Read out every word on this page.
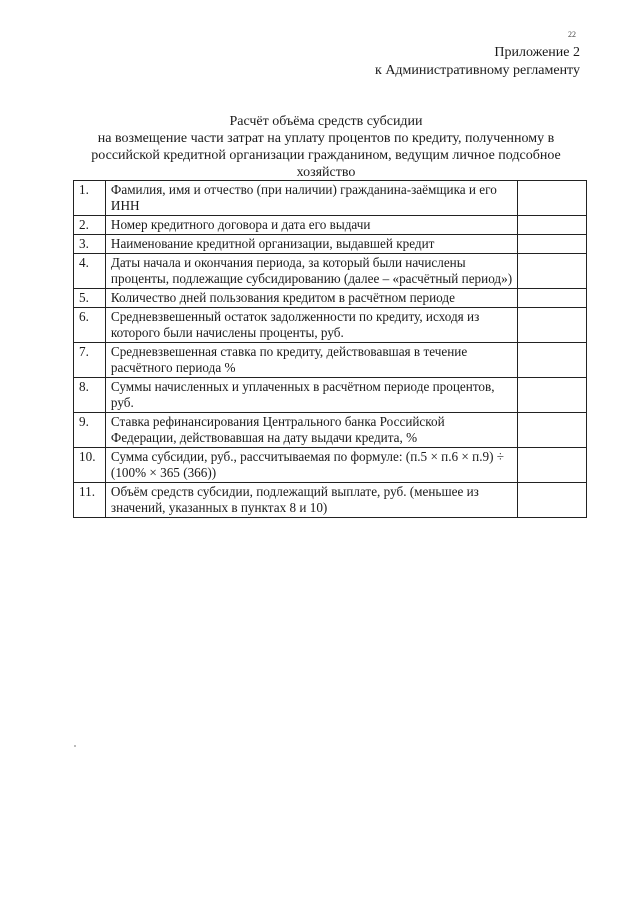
22
Приложение 2
к Административному регламенту
Расчёт объёма средств субсидии
на возмещение части затрат на уплату процентов по кредиту, полученному в
российской кредитной организации гражданином, ведущим личное подсобное
хозяйство
1.	Фамилия, имя и отчество (при наличии) гражданина-заёмщика и его ИНН	
2.	Номер кредитного договора и дата его выдачи	
3.	Наименование кредитной организации, выдавшей кредит	
4.	Даты начала и окончания периода, за который были начислены проценты, подлежащие субсидированию (далее – «расчётный период»)	
5.	Количество дней пользования кредитом в расчётном периоде	
6.	Средневзвешенный остаток задолженности по кредиту, исходя из которого были начислены проценты, руб.	
7.	Средневзвешенная ставка по кредиту, действовавшая в течение расчётного периода %	
8.	Суммы начисленных и уплаченных в расчётном периоде процентов, руб.	
9.	Ставка рефинансирования Центрального банка Российской Федерации, действовавшая на дату выдачи кредита, %	
10.	Сумма субсидии, руб., рассчитываемая по формуле: (п.5 × п.6 × п.9) ÷ (100% × 365 (366))	
11.	Объём средств субсидии, подлежащий выплате, руб. (меньшее из значений, указанных в пунктах 8 и 10)	
